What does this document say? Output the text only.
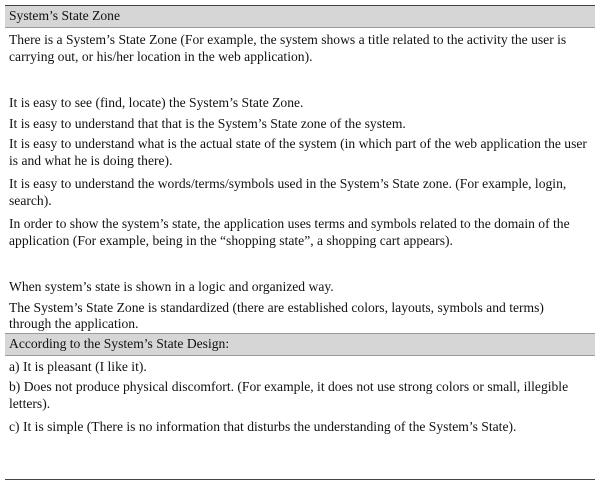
System’s State Zone
There is a System’s State Zone (For example, the system shows a title related to the activity the user is carrying out, or his/her location in the web application).
It is easy to see (find, locate) the System’s State Zone.
It is easy to understand that that is the System’s State zone of the system.
It is easy to understand what is the actual state of the system (in which part of the web application the user is and what he is doing there).
It is easy to understand the words/terms/symbols used in the System’s State zone. (For example, login, search).
In order to show the system’s state, the application uses terms and symbols related to the domain of the application (For example, being in the “shopping state”, a shopping cart appears).
When system’s state is shown in a logic and organized way.
The System’s State Zone is standardized (there are established colors, layouts, symbols and terms) through the application.
According to the System’s State Design:
a) It is pleasant (I like it).
b) Does not produce physical discomfort. (For example, it does not use strong colors or small, illegible letters).
c) It is simple (There is no information that disturbs the understanding of the System’s State).
